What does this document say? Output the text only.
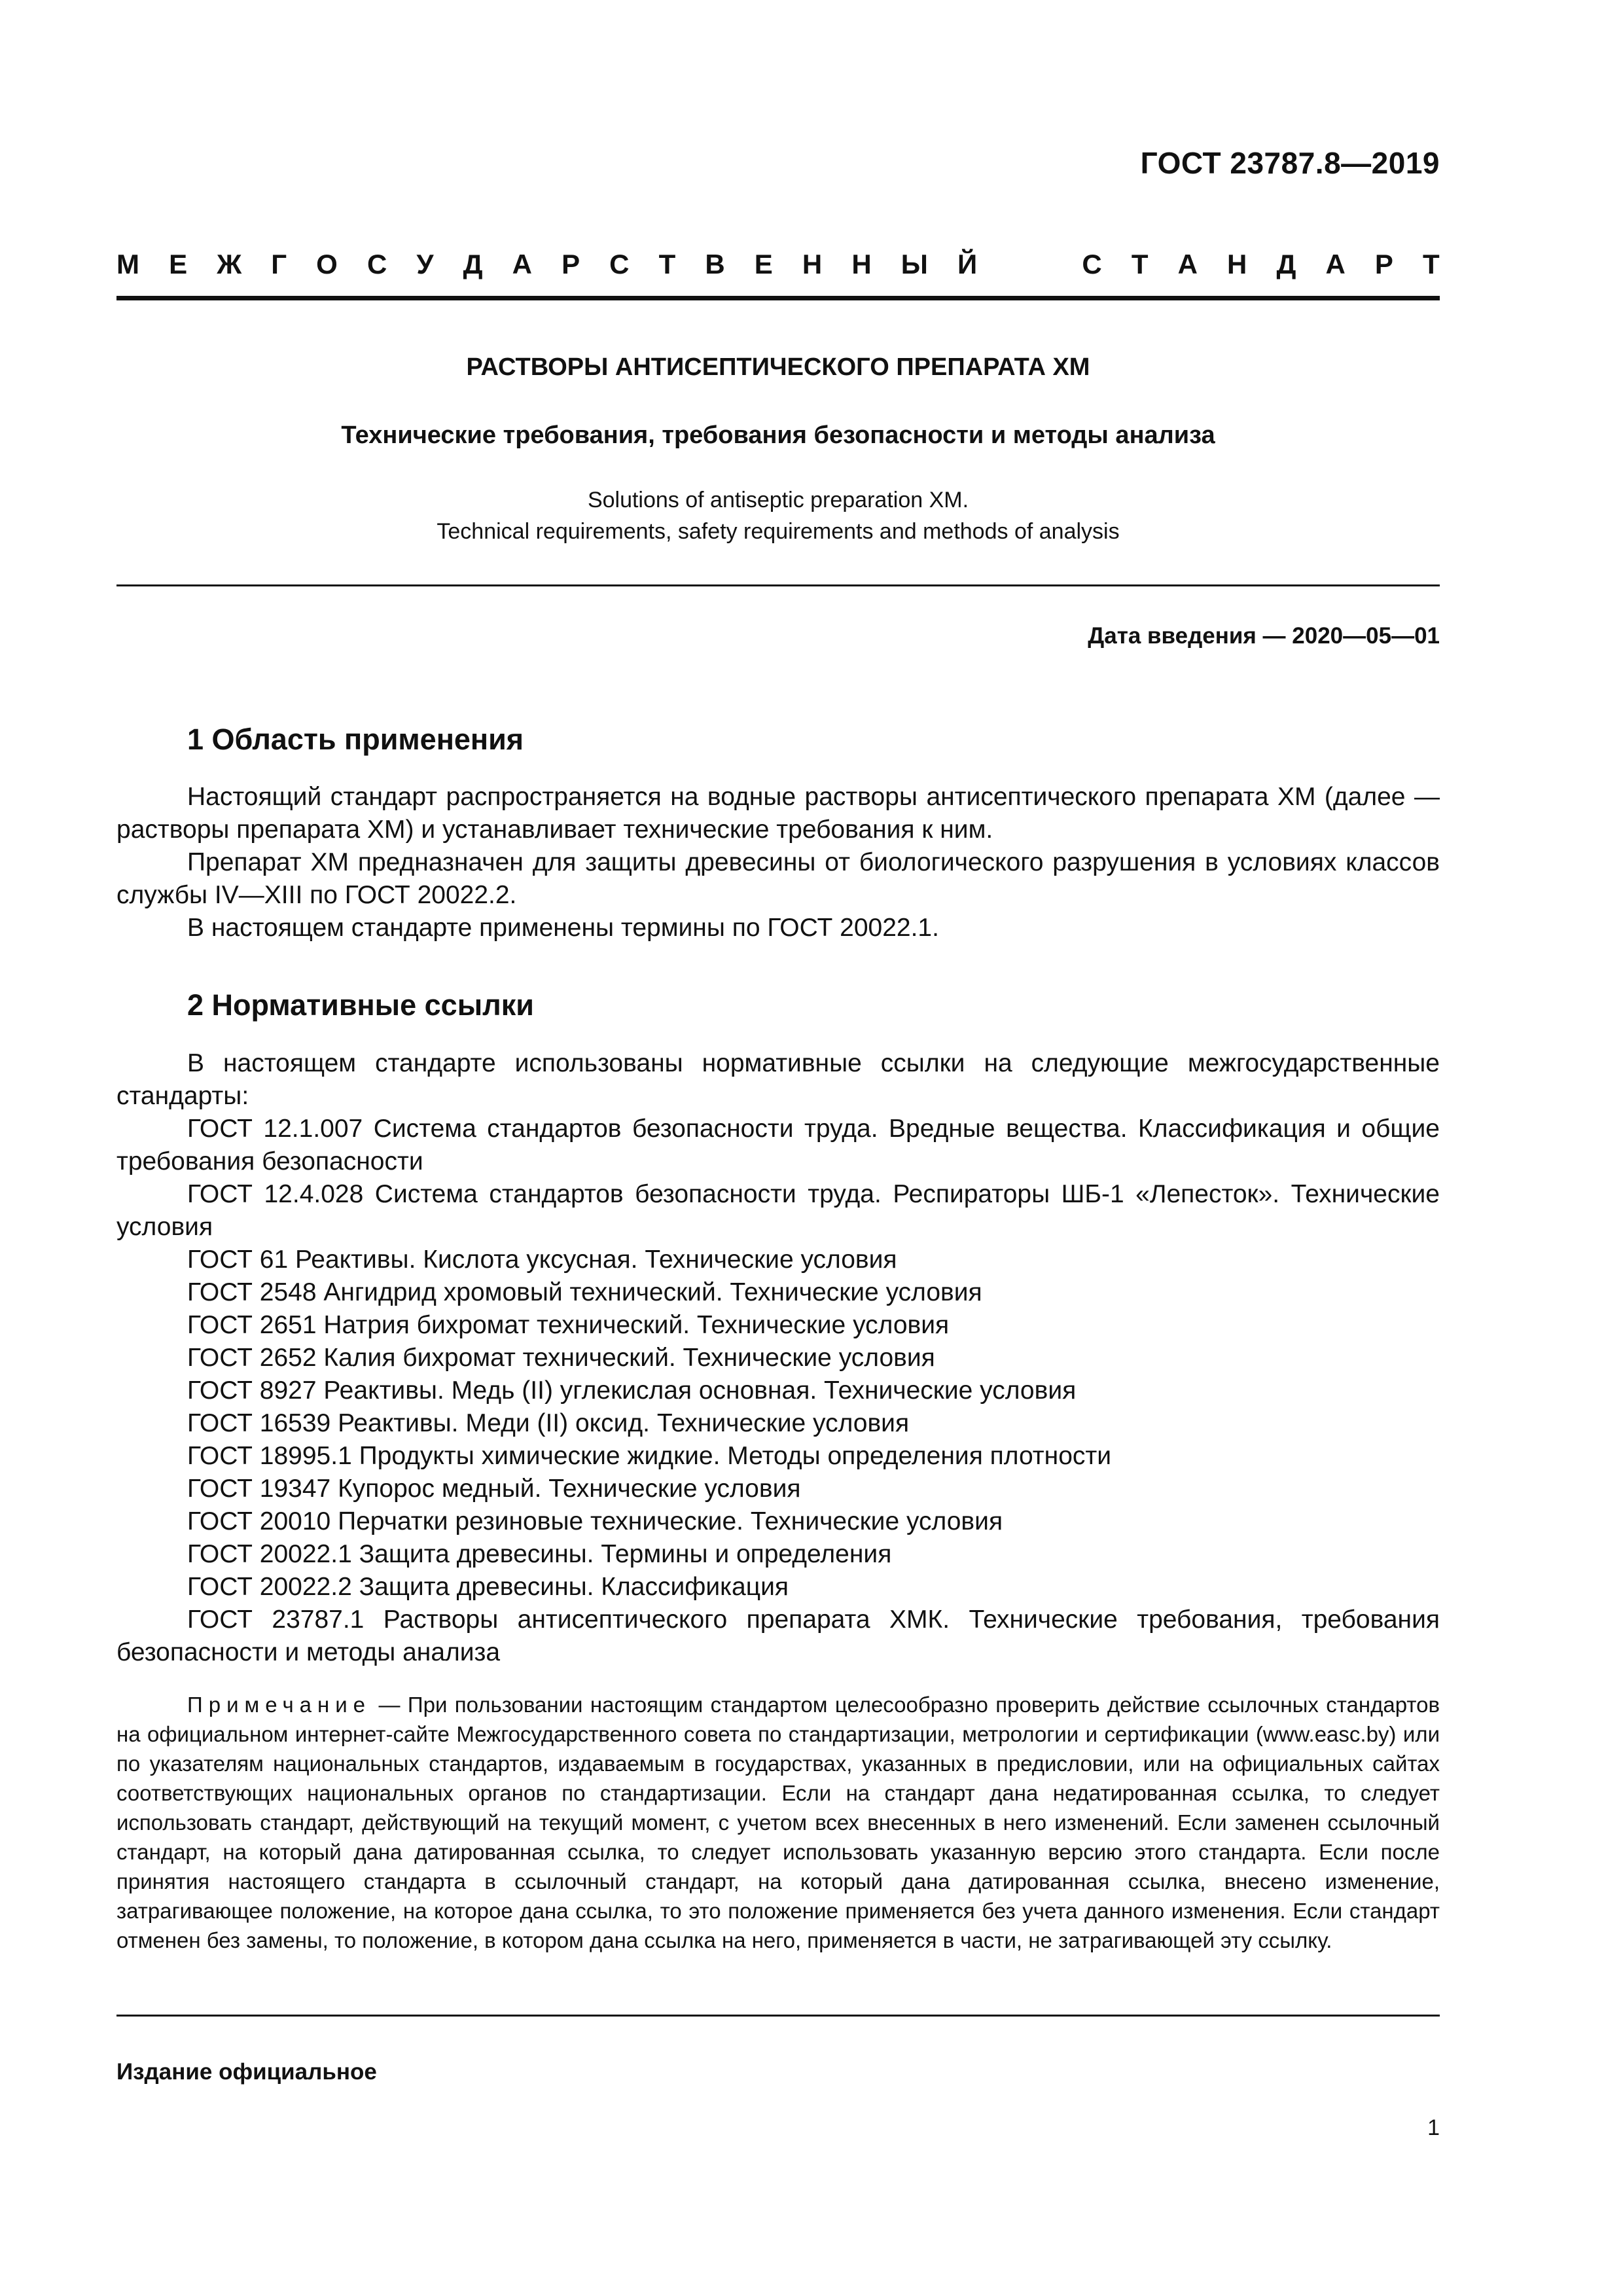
ГОСТ 23787.8—2019
М Е Ж Г О С У Д А Р С Т В Е Н Н Ы Й	С Т А Н Д А Р Т
РАСТВОРЫ АНТИСЕПТИЧЕСКОГО ПРЕПАРАТА ХМ
Технические требования, требования безопасности и методы анализа
Solutions of antiseptic preparation XM.
Technical requirements, safety requirements and methods of analysis
Дата введения — 2020—05—01
1 Область применения

Настоящий стандарт распространяется на водные растворы антисептического препарата ХМ (далее — растворы препарата ХМ) и устанавливает технические требования к ним.

Препарат ХМ предназначен для защиты древесины от биологического разрушения в условиях классов службы IV—XIII по ГОСТ 20022.2.

В настоящем стандарте применены термины по ГОСТ 20022.1.

2 Нормативные ссылки

В настоящем стандарте использованы нормативные ссылки на следующие межгосударственные стандарты:

ГОСТ 12.1.007 Система стандартов безопасности труда. Вредные вещества. Классификация и общие требования безопасности

ГОСТ 12.4.028 Система стандартов безопасности труда. Респираторы ШБ-1 «Лепесток». Технические условия

ГОСТ 61 Реактивы. Кислота уксусная. Технические условия

ГОСТ 2548 Ангидрид хромовый технический. Технические условия

ГОСТ 2651 Натрия бихромат технический. Технические условия

ГОСТ 2652 Калия бихромат технический. Технические условия

ГОСТ 8927 Реактивы. Медь (II) углекислая основная. Технические условия

ГОСТ 16539 Реактивы. Меди (II) оксид. Технические условия

ГОСТ 18995.1 Продукты химические жидкие. Методы определения плотности

ГОСТ 19347 Купорос медный. Технические условия

ГОСТ 20010 Перчатки резиновые технические. Технические условия

ГОСТ 20022.1 Защита древесины. Термины и определения

ГОСТ 20022.2 Защита древесины. Классификация

ГОСТ 23787.1 Растворы антисептического препарата ХМК. Технические требования, требования безопасности и методы анализа

Примечание — При пользовании настоящим стандартом целесообразно проверить действие ссылочных стандартов на официальном интернет-сайте Межгосударственного совета по стандартизации, метрологии и сертификации (www.easc.by) или по указателям национальных стандартов, издаваемым в государствах, указанных в предисловии, или на официальных сайтах соответствующих национальных органов по стандартизации. Если на стандарт дана недатированная ссылка, то следует использовать стандарт, действующий на текущий момент, с учетом всех внесенных в него изменений. Если заменен ссылочный стандарт, на который дана датированная ссылка, то следует использовать указанную версию этого стандарта. Если после принятия настоящего стандарта в ссылочный стандарт, на который дана датированная ссылка, внесено изменение, затрагивающее положение, на которое дана ссылка, то это положение применяется без учета данного изменения. Если стандарт отменен без замены, то положение, в котором дана ссылка на него, применяется в части, не затрагивающей эту ссылку.

Издание официальное
1
